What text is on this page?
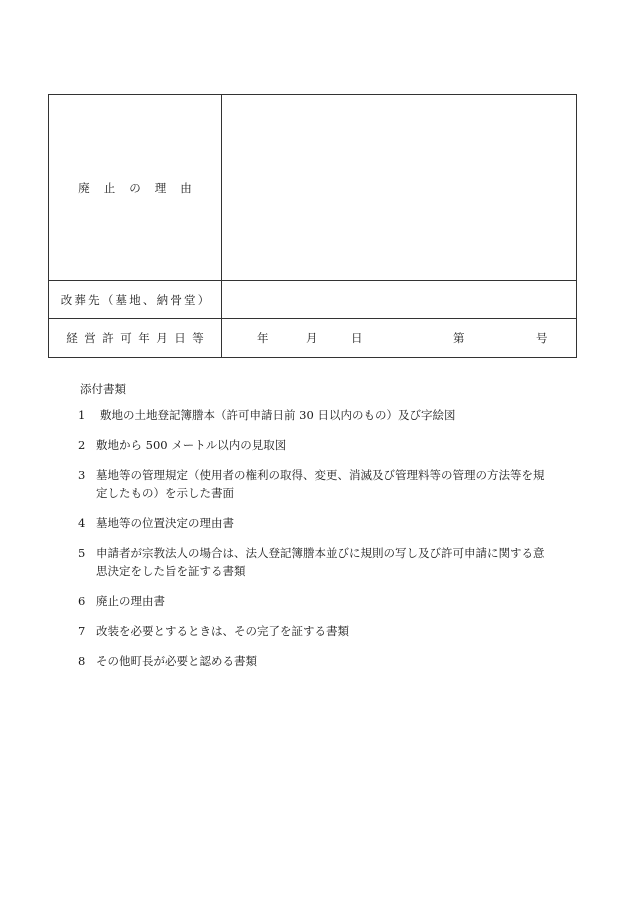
廃止の理由
改葬先（墓地、納骨堂）
経営許可年月日等	年	月	日	第	号
添付書類
1	敷地の土地登記簿謄本（許可申請日前 30 日以内のもの）及び字絵図
2 敷地から 500 メートル以内の見取図
3 墓地等の管理規定（使用者の権利の取得、変更、消滅及び管理料等の管理の方法等を規
定したもの）を示した書面
4 墓地等の位置決定の理由書
5 申請者が宗教法人の場合は、法人登記簿謄本並びに規則の写し及び許可申請に関する意
思決定をした旨を証する書類
6 廃止の理由書
7 改装を必要とするときは、その完了を証する書類
8 その他町長が必要と認める書類
